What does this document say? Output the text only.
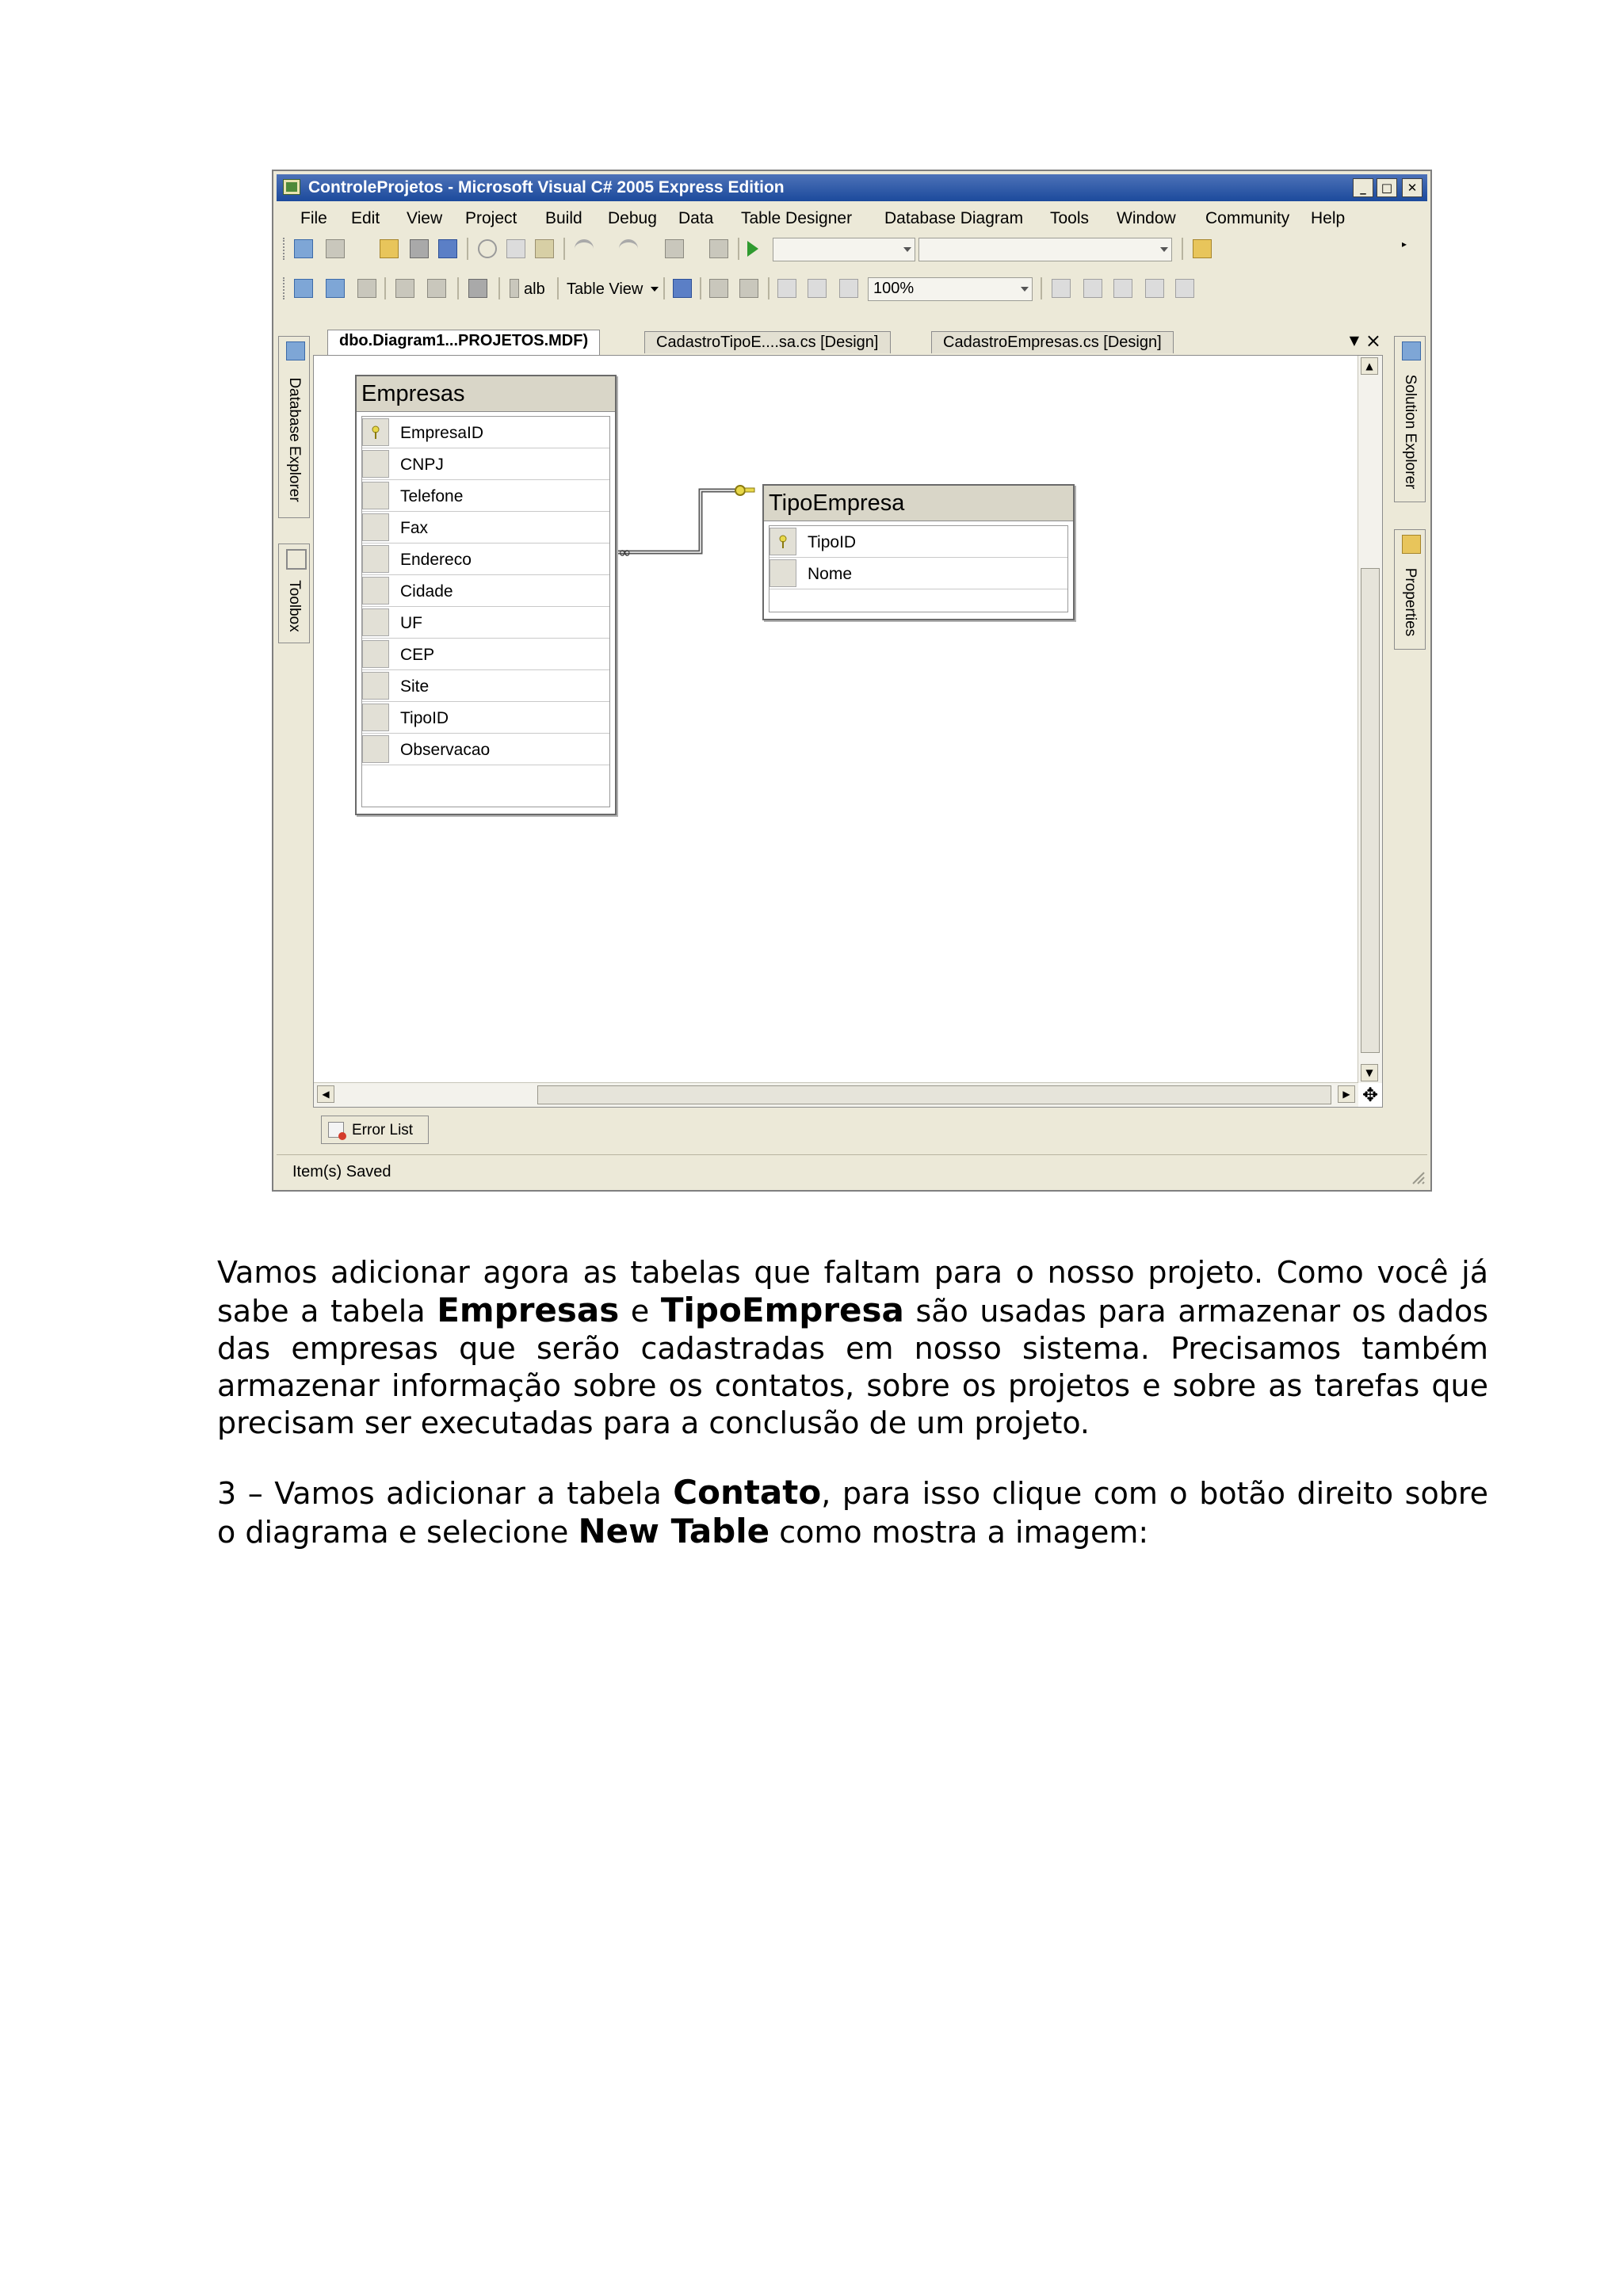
ControleProjetos - Microsoft Visual C# 2005 Express Edition	_	□	✕
File Edit View Project Build Debug Data Table Designer Database Diagram Tools Window Community Help
▸
alb Table View	100%
Database Explorer
Toolbox
Solution Explorer
Properties
dbo.Diagram1...PROJETOS.MDF)	CadastroTipoE....sa.cs [Design]	CadastroEmpresas.cs [Design]	▼ ×
∞
Empresas
EmpresaID
CNPJ
Telefone
Fax
Endereco
Cidade
UF
CEP
Site
TipoID
Observacao
TipoEmpresa
TipoID
Nome
▲
▼
◀	▶ ✥
Error List
Item(s) Saved

Vamos adicionar agora as tabelas que faltam para o nosso projeto. Como você já sabe a tabela Empresas e TipoEmpresa são usadas para armazenar os dados das empresas que serão cadastradas em nosso sistema. Precisamos também armazenar informação sobre os contatos, sobre os projetos e sobre as tarefas que precisam ser executadas para a conclusão de um projeto.

3 – Vamos adicionar a tabela Contato, para isso clique com o botão direito sobre o diagrama e selecione New Table como mostra a imagem:
